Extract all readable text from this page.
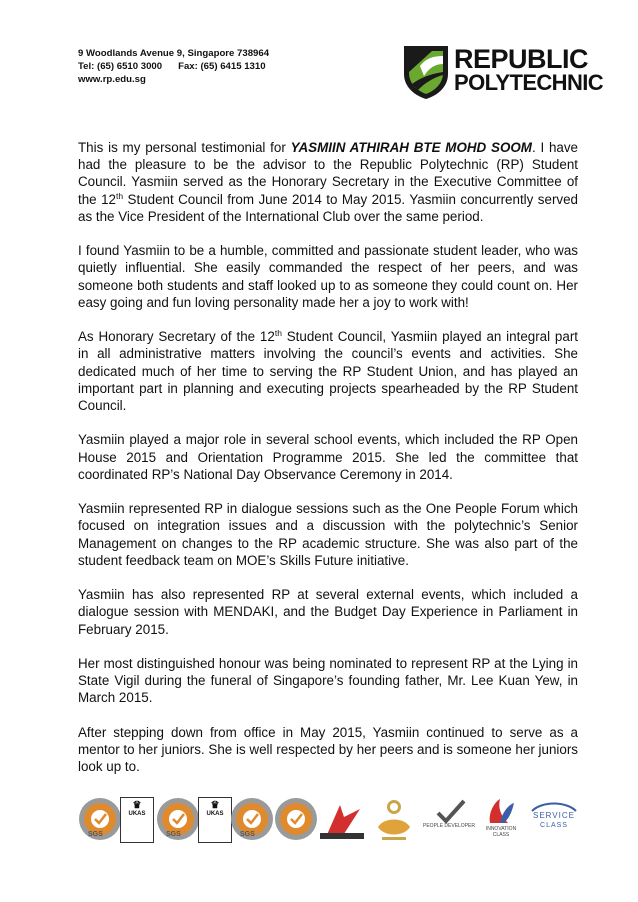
9 Woodlands Avenue 9, Singapore 738964
Tel: (65) 6510 3000 Fax: (65) 6415 1310
www.rp.edu.sg
REPUBLIC
POLYTECHNIC

This is my personal testimonial for YASMIIN ATHIRAH BTE MOHD SOOM. I have had the pleasure to be the advisor to the Republic Polytechnic (RP) Student Council. Yasmiin served as the Honorary Secretary in the Executive Committee of the 12th Student Council from June 2014 to May 2015. Yasmiin concurrently served as the Vice President of the International Club over the same period.

I found Yasmiin to be a humble, committed and passionate student leader, who was quietly influential. She easily commanded the respect of her peers, and was someone both students and staff looked up to as someone they could count on. Her easy going and fun loving personality made her a joy to work with!

As Honorary Secretary of the 12th Student Council, Yasmiin played an integral part in all administrative matters involving the council’s events and activities. She dedicated much of her time to serving the RP Student Union, and has played an important part in planning and executing projects spearheaded by the RP Student Council.

Yasmiin played a major role in several school events, which included the RP Open House 2015 and Orientation Programme 2015. She led the committee that coordinated RP’s National Day Observance Ceremony in 2014.

Yasmiin represented RP in dialogue sessions such as the One People Forum which focused on integration issues and a discussion with the polytechnic’s Senior Management on changes to the RP academic structure. She was also part of the student feedback team on MOE’s Skills Future initiative.

Yasmiin has also represented RP at several external events, which included a dialogue session with MENDAKI, and the Budget Day Experience in Parliament in February 2015.

Her most distinguished honour was being nominated to represent RP at the Lying in State Vigil during the funeral of Singapore’s founding father, Mr. Lee Kuan Yew, in March 2015.

After stepping down from office in May 2015, Yasmiin continued to serve as a mentor to her juniors. She is well respected by her peers and is someone her juniors look up to.

SGS
♛
UKAS
SGS
♛
UKAS
SGS
PEOPLE DEVELOPER	INNOVATION
CLASS
SERVICE
CLASS
